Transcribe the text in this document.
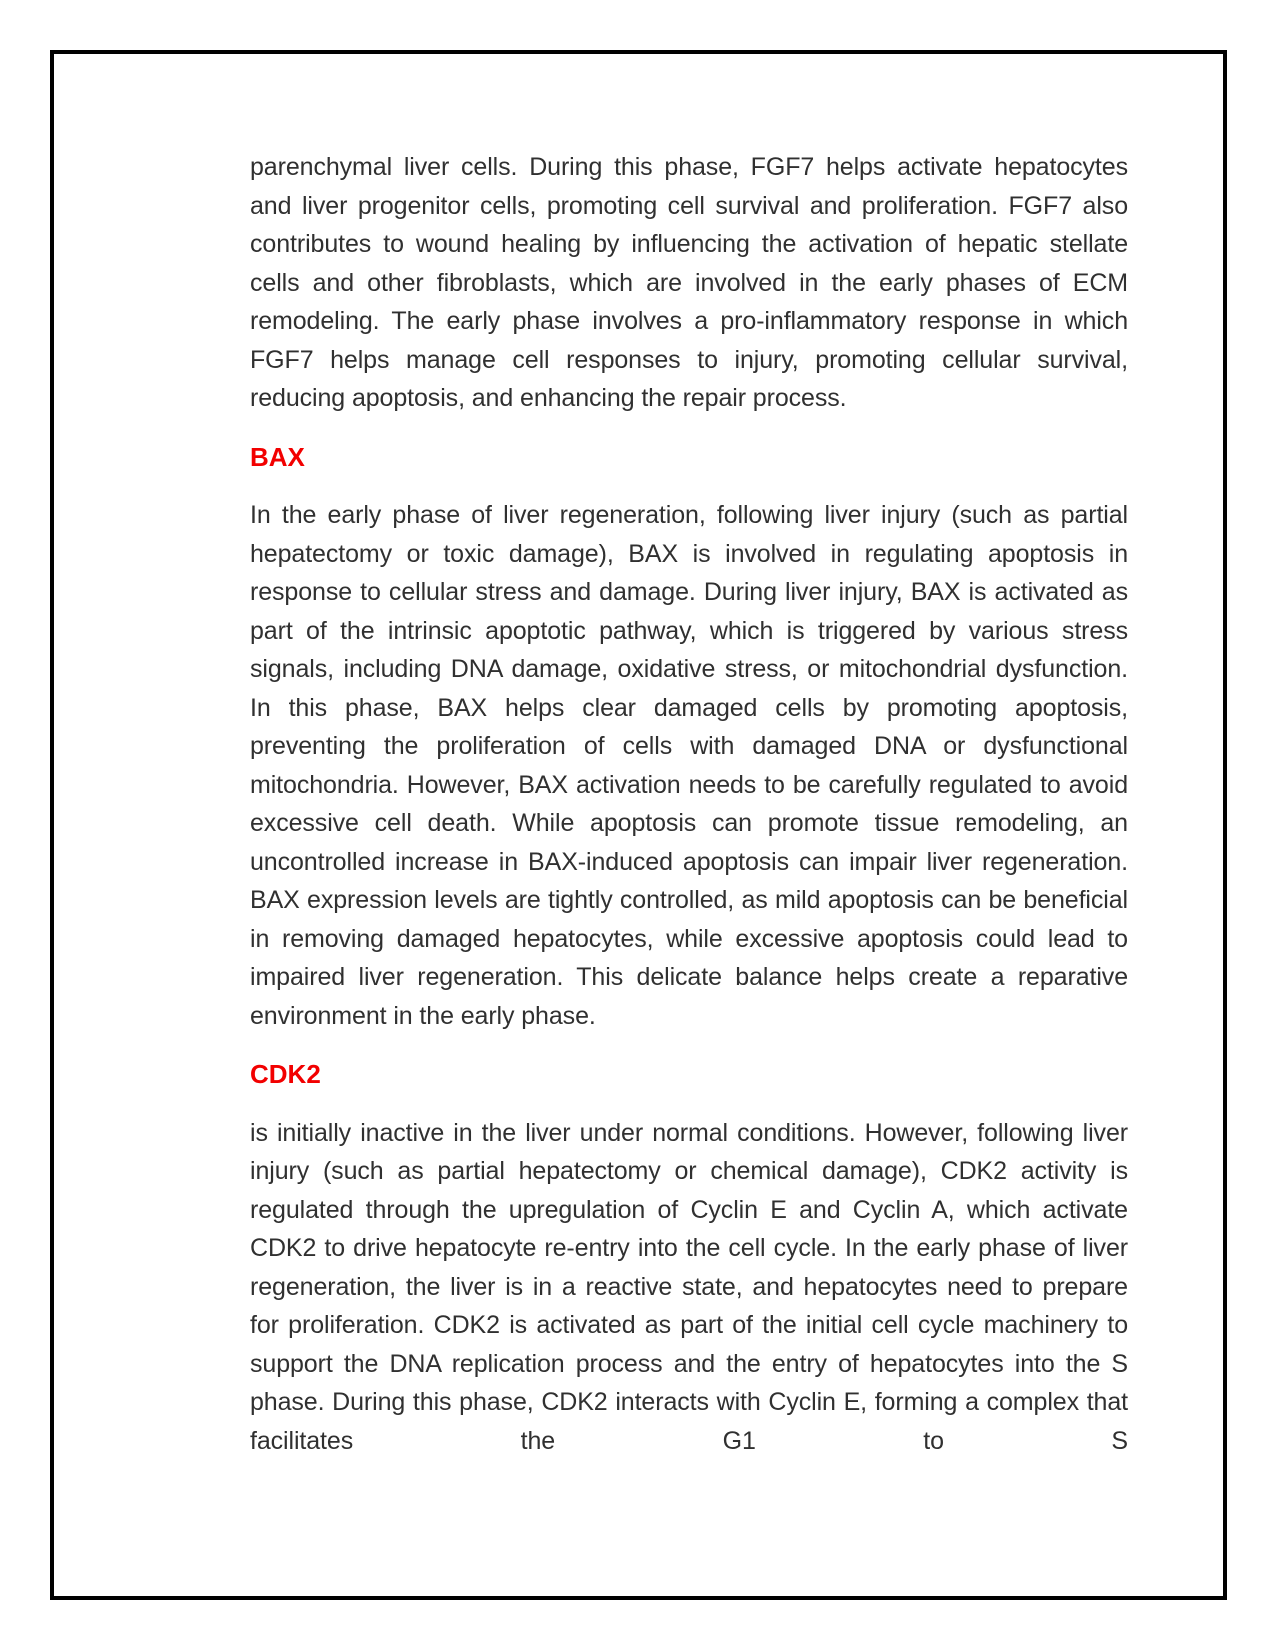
parenchymal liver cells. During this phase, FGF7 helps activate hepatocytes and liver progenitor cells, promoting cell survival and proliferation. FGF7 also contributes to wound healing by influencing the activation of hepatic stellate cells and other fibroblasts, which are involved in the early phases of ECM remodeling. The early phase involves a pro-inflammatory response in which FGF7 helps manage cell responses to injury, promoting cellular survival, reducing apoptosis, and enhancing the repair process.

BAX

In the early phase of liver regeneration, following liver injury (such as partial hepatectomy or toxic damage), BAX is involved in regulating apoptosis in response to cellular stress and damage. During liver injury, BAX is activated as part of the intrinsic apoptotic pathway, which is triggered by various stress signals, including DNA damage, oxidative stress, or mitochondrial dysfunction. In this phase, BAX helps clear damaged cells by promoting apoptosis, preventing the proliferation of cells with damaged DNA or dysfunctional mitochondria. However, BAX activation needs to be carefully regulated to avoid excessive cell death. While apoptosis can promote tissue remodeling, an uncontrolled increase in BAX-induced apoptosis can impair liver regeneration. BAX expression levels are tightly controlled, as mild apoptosis can be beneficial in removing damaged hepatocytes, while excessive apoptosis could lead to impaired liver regeneration. This delicate balance helps create a reparative environment in the early phase.

CDK2

is initially inactive in the liver under normal conditions. However, following liver injury (such as partial hepatectomy or chemical damage), CDK2 activity is regulated through the upregulation of Cyclin E and Cyclin A, which activate CDK2 to drive hepatocyte re-entry into the cell cycle. In the early phase of liver regeneration, the liver is in a reactive state, and hepatocytes need to prepare for proliferation. CDK2 is activated as part of the initial cell cycle machinery to support the DNA replication process and the entry of hepatocytes into the S phase. During this phase, CDK2 interacts with Cyclin E, forming a complex that facilitates the G1 to S
